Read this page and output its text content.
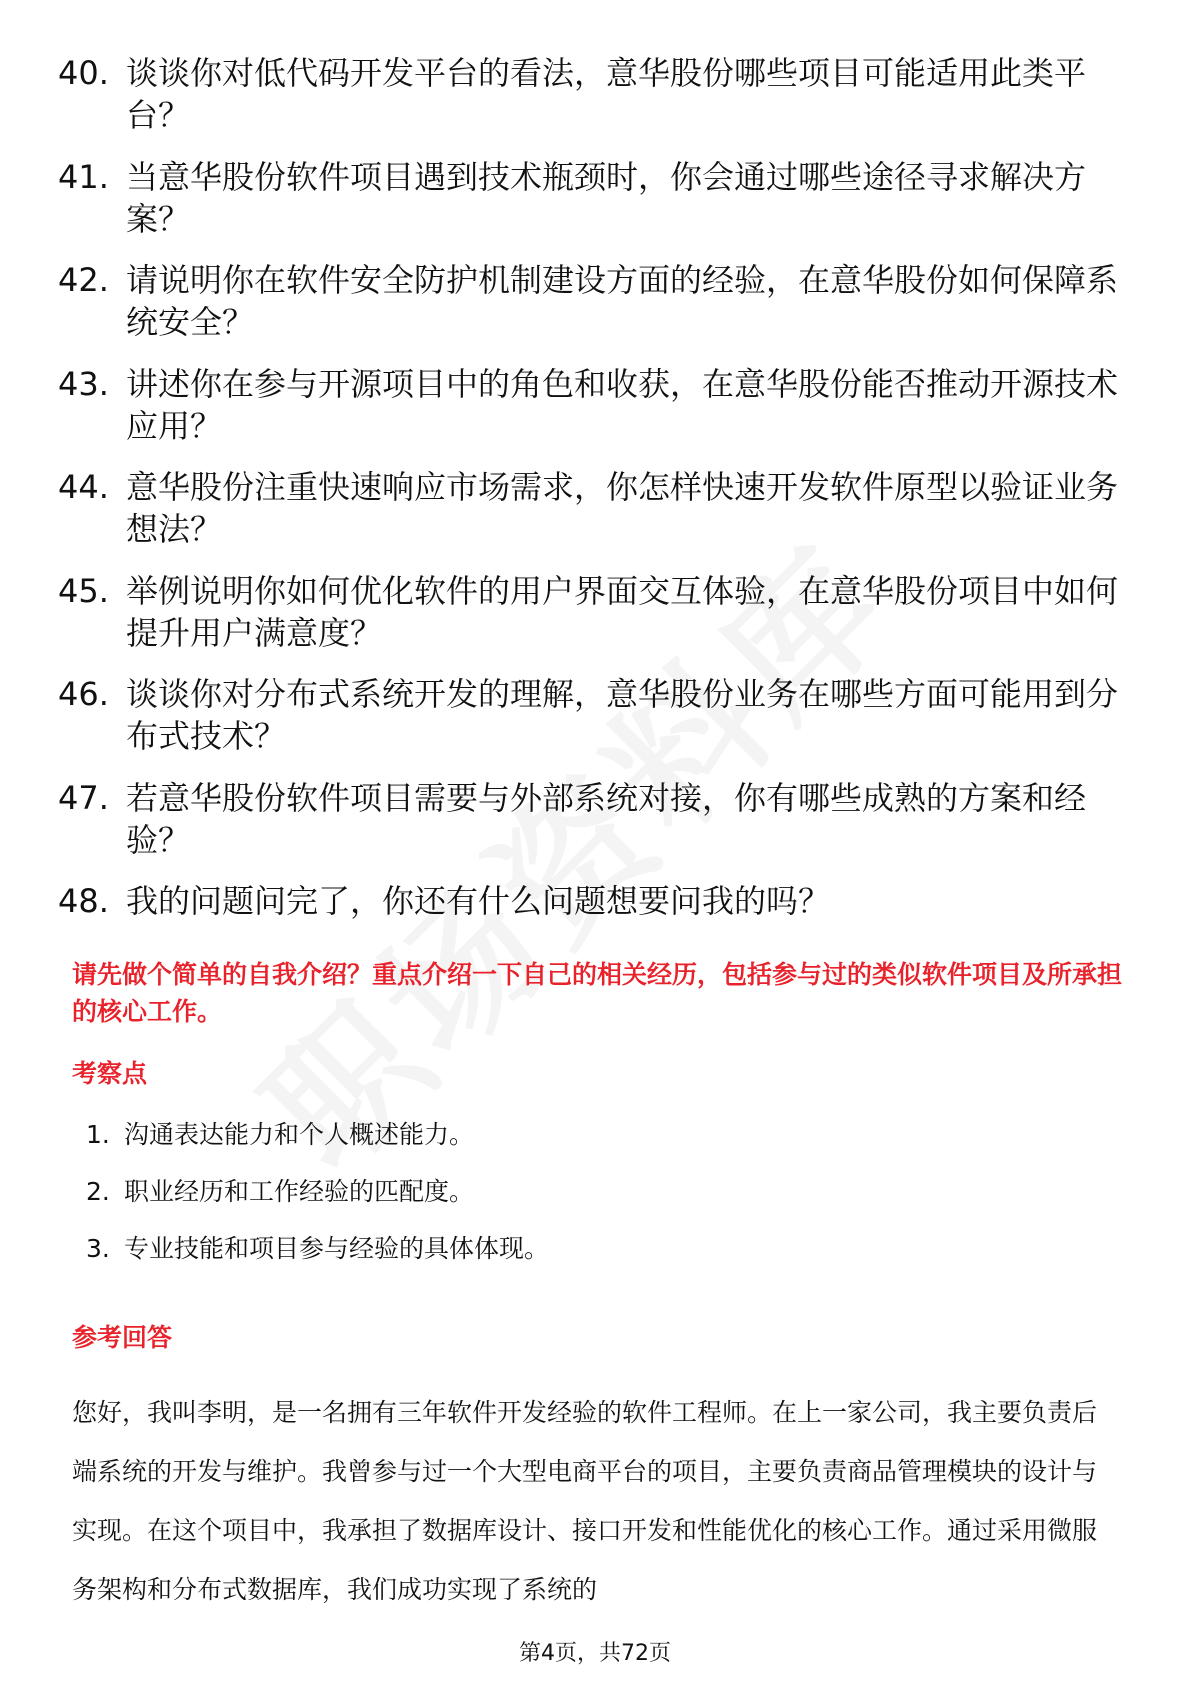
40. 谈谈你对低代码开发平台的看法，意华股份哪些项目可能适用此类平台？
41. 当意华股份软件项目遇到技术瓶颈时，你会通过哪些途径寻求解决方案？
42. 请说明你在软件安全防护机制建设方面的经验，在意华股份如何保障系统安全？
43. 讲述你在参与开源项目中的角色和收获，在意华股份能否推动开源技术应用？
44. 意华股份注重快速响应市场需求，你怎样快速开发软件原型以验证业务想法？
45. 举例说明你如何优化软件的用户界面交互体验，在意华股份项目中如何提升用户满意度？
46. 谈谈你对分布式系统开发的理解，意华股份业务在哪些方面可能用到分布式技术？
47. 若意华股份软件项目需要与外部系统对接，你有哪些成熟的方案和经验？
48. 我的问题问完了，你还有什么问题想要问我的吗？

请先做个简单的自我介绍？重点介绍一下自己的相关经历，包括参与过的类似软件项目及所承担的核心工作。

考察点
1. 沟通表达能力和个人概述能力。
2. 职业经历和工作经验的匹配度。
3. 专业技能和项目参与经验的具体体现。
参考回答

您好，我叫李明，是一名拥有三年软件开发经验的软件工程师。在上一家公司，我主要负责后端系统的开发与维护。我曾参与过一个大型电商平台的项目，主要负责商品管理模块的设计与实现。在这个项目中，我承担了数据库设计、接口开发和性能优化的核心工作。通过采用微服务架构和分布式数据库，我们成功实现了系统的

第4页，共72页
